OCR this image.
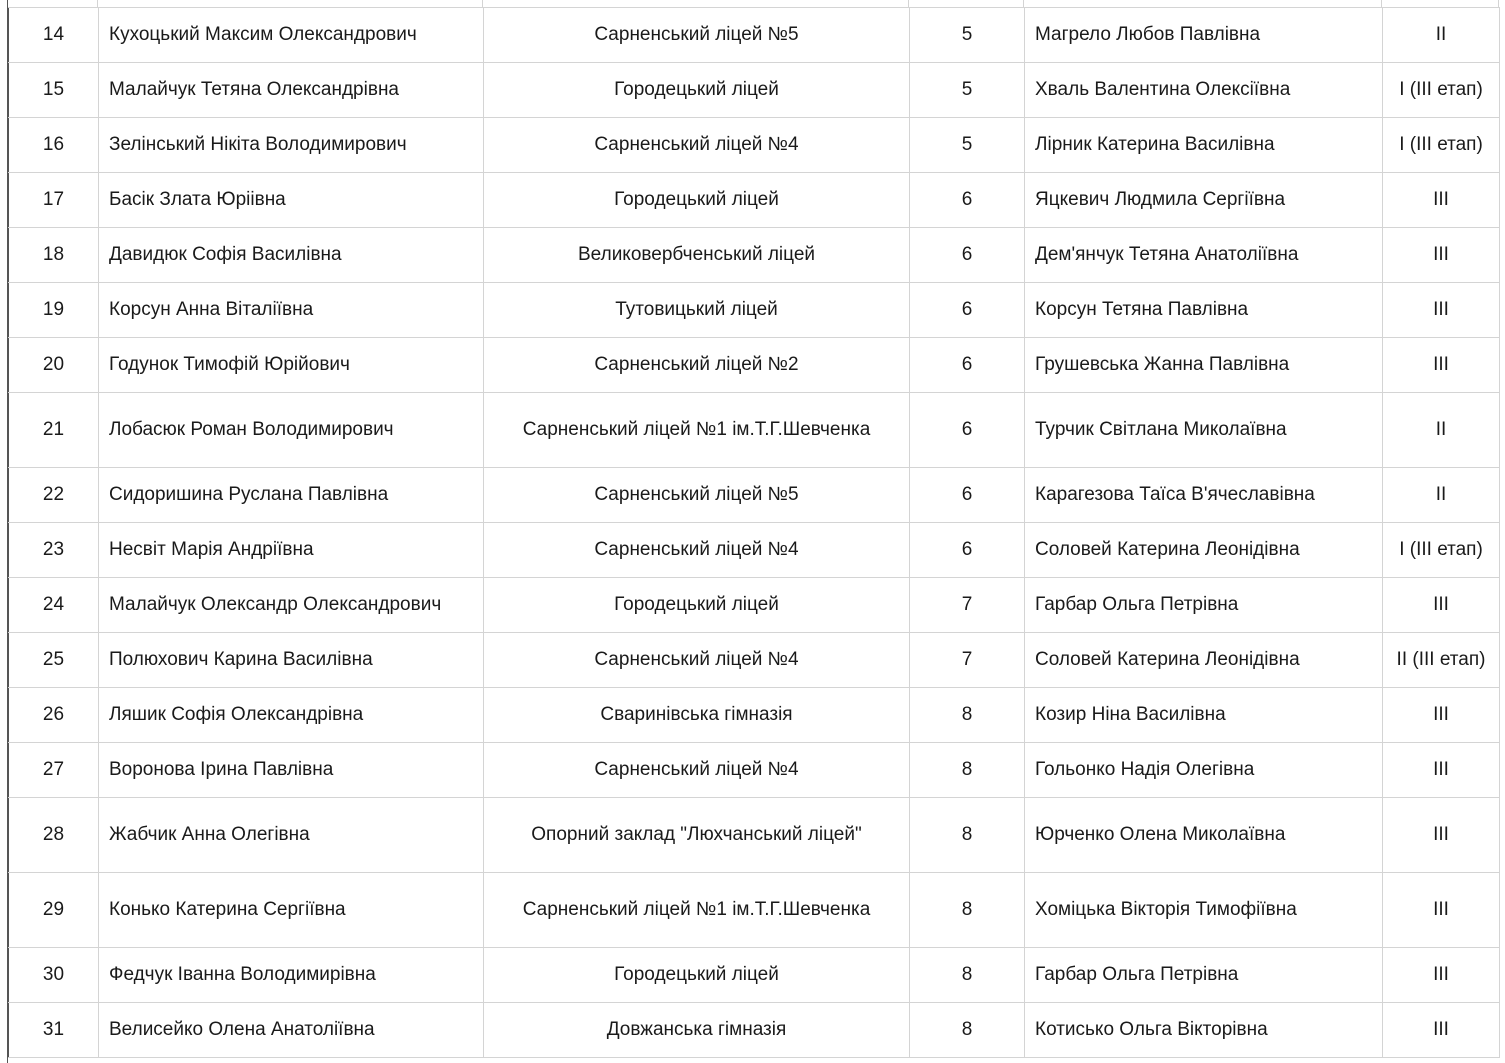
14	Кухоцький Максим Олександрович	Сарненський ліцей №5	5	Магрело Любов Павлівна	II
15	Малайчук Тетяна Олександрівна	Городецький ліцей	5	Хваль Валентина Олексіївна	I (III етап)
16	Зелінський Нікіта Володимирович	Сарненський ліцей №4	5	Лірник Катерина Василівна	I (III етап)
17	Басік Злата Юріівна	Городецький ліцей	6	Яцкевич Людмила Сергіївна	III
18	Давидюк Софія Василівна	Великовербченський ліцей	6	Дем'янчук Тетяна Анатоліївна	III
19	Корсун Анна Віталіївна	Тутовицький ліцей	6	Корсун Тетяна Павлівна	III
20	Годунок Тимофій Юрійович	Сарненський ліцей №2	6	Грушевська Жанна Павлівна	III
21	Лобасюк Роман Володимирович	Сарненський ліцей №1 ім.Т.Г.Шевченка	6	Турчик Світлана Миколаївна	II
22	Сидоришина Руслана Павлівна	Сарненський ліцей №5	6	Карагезова Таїса В'ячеславівна	II
23	Несвіт Марія Андріївна	Сарненський ліцей №4	6	Соловей Катерина Леонідівна	I (III етап)
24	Малайчук Олександр Олександрович	Городецький ліцей	7	Гарбар Ольга Петрівна	III
25	Полюхович Карина Василівна	Сарненський ліцей №4	7	Соловей Катерина Леонідівна	II (III етап)
26	Ляшик Софія Олександрівна	Сваринівська гімназія	8	Козир Ніна Василівна	III
27	Воронова Ірина Павлівна	Сарненський ліцей №4	8	Гольонко Надія Олегівна	III
28	Жабчик Анна Олегівна	Опорний заклад "Люхчанський ліцей"	8	Юрченко Олена Миколаївна	III
29	Конько Катерина Сергіївна	Сарненський ліцей №1 ім.Т.Г.Шевченка	8	Хоміцька Вікторія Тимофіївна	III
30	Федчук Іванна Володимирівна	Городецький ліцей	8	Гарбар Ольга Петрівна	III
31	Велисейко Олена Анатоліївна	Довжанська гімназія	8	Котисько Ольга Вікторівна	III
